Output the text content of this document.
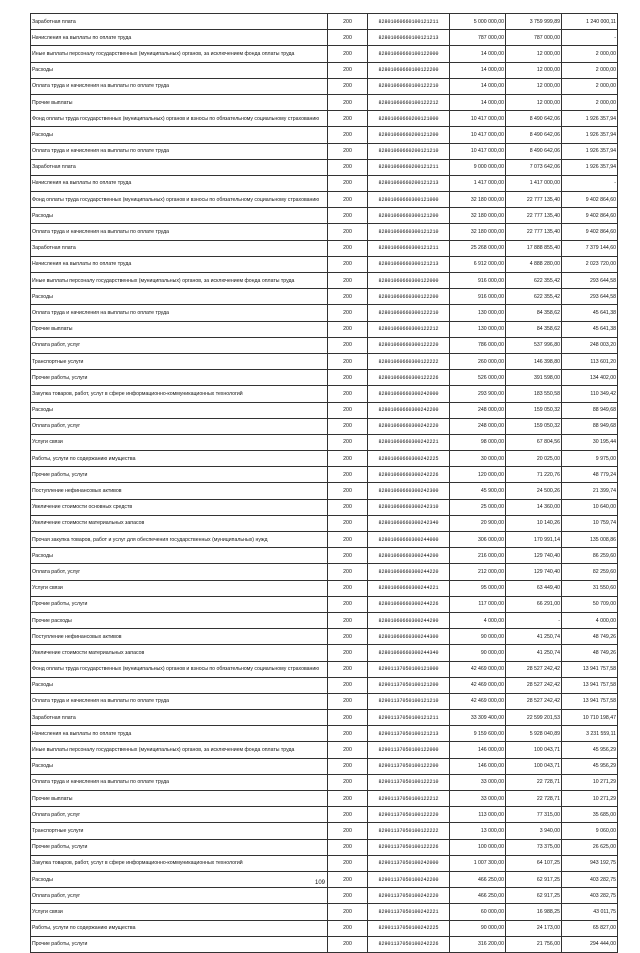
Заработная плата	200	82801060660100121211	5 000 000,00	3 759 999,89	1 240 000,11
Начисления на выплаты по оплате труда	200	82801060660100121213	787 000,00	787 000,00	-
Иные выплаты персоналу государственных (муниципальных) органов, за исключением фонда оплаты труда	200	82801060660100122000	14 000,00	12 000,00	2 000,00
Расходы	200	82801060660100122200	14 000,00	12 000,00	2 000,00
Оплата труда и начисления на выплаты по оплате труда	200	82801060660100122210	14 000,00	12 000,00	2 000,00
Прочие выплаты	200	82801060660100122212	14 000,00	12 000,00	2 000,00
Фонд оплаты труда государственных (муниципальных) органов и взносы по обязательному социальному страхованию	200	82801060660200121000	10 417 000,00	8 490 642,06	1 926 357,94
Расходы	200	82801060660200121200	10 417 000,00	8 490 642,06	1 926 357,94
Оплата труда и начисления на выплаты по оплате труда	200	82801060660200121210	10 417 000,00	8 490 642,06	1 926 357,94
Заработная плата	200	82801060660200121211	9 000 000,00	7 073 642,06	1 926 357,94
Начисления на выплаты по оплате труда	200	82801060660200121213	1 417 000,00	1 417 000,00	-
Фонд оплаты труда государственных (муниципальных) органов и взносы по обязательному социальному страхованию	200	82801060660300121000	32 180 000,00	22 777 135,40	9 402 864,60
Расходы	200	82801060660300121200	32 180 000,00	22 777 135,40	9 402 864,60
Оплата труда и начисления на выплаты по оплате труда	200	82801060660300121210	32 180 000,00	22 777 135,40	9 402 864,60
Заработная плата	200	82801060660300121211	25 268 000,00	17 888 855,40	7 379 144,60
Начисления на выплаты по оплате труда	200	82801060660300121213	6 912 000,00	4 888 280,00	2 023 720,00
Иные выплаты персоналу государственных (муниципальных) органов, за исключением фонда оплаты труда	200	82801060660300122000	916 000,00	622 355,42	293 644,58
Расходы	200	82801060660300122200	916 000,00	622 355,42	293 644,58
Оплата труда и начисления на выплаты по оплате труда	200	82801060660300122210	130 000,00	84 358,62	45 641,38
Прочие выплаты	200	82801060660300122212	130 000,00	84 358,62	45 641,38
Оплата работ, услуг	200	82801060660300122220	786 000,00	537 996,80	248 003,20
Транспортные услуги	200	82801060660300122222	260 000,00	146 398,80	113 601,20
Прочие работы, услуги	200	82801060660300122226	526 000,00	391 598,00	134 402,00
Закупка товаров, работ, услуг в сфере информационно-коммуникационных технологий	200	82801060660300242000	293 900,00	183 550,58	110 349,42
Расходы	200	82801060660300242200	248 000,00	159 050,32	88 949,68
Оплата работ, услуг	200	82801060660300242220	248 000,00	159 050,32	88 949,68
Услуги связи	200	82801060660300242221	98 000,00	67 804,56	30 195,44
Работы, услуги по содержанию имущества	200	82801060660300242225	30 000,00	20 025,00	9 975,00
Прочие работы, услуги	200	82801060660300242226	120 000,00	71 220,76	48 779,24
Поступление нефинансовых активов	200	82801060660300242300	45 900,00	24 500,26	21 399,74
Увеличение стоимости основных средств	200	82801060660300242310	25 000,00	14 360,00	10 640,00
Увеличение стоимости материальных запасов	200	82801060660300242340	20 900,00	10 140,26	10 759,74
Прочая закупка товаров, работ и услуг для обеспечения государственных (муниципальных) нужд	200	82801060660300244000	306 000,00	170 991,14	135 008,86
Расходы	200	82801060660300244200	216 000,00	129 740,40	86 259,60
Оплата работ, услуг	200	82801060660300244220	212 000,00	129 740,40	82 259,60
Услуги связи	200	82801060660300244221	95 000,00	63 449,40	31 550,60
Прочие работы, услуги	200	82801060660300244226	117 000,00	66 291,00	50 709,00
Прочие расходы	200	82801060660300244290	4 000,00	-	4 000,00
Поступление нефинансовых активов	200	82801060660300244300	90 000,00	41 250,74	48 749,26
Увеличение стоимости материальных запасов	200	82801060660300244340	90 000,00	41 250,74	48 749,26
Фонд оплаты труда государственных (муниципальных) органов и взносы по обязательному социальному страхованию	200	82901137050100121000	42 469 000,00	28 527 242,42	13 941 757,58
Расходы	200	82901137050100121200	42 469 000,00	28 527 242,42	13 941 757,58
Оплата труда и начисления на выплаты по оплате труда	200	82901137050100121210	42 469 000,00	28 527 242,42	13 941 757,58
Заработная плата	200	82901137050100121211	33 309 400,00	22 599 201,53	10 710 198,47
Начисления на выплаты по оплате труда	200	82901137050100121213	9 159 600,00	5 928 040,89	3 231 559,11
Иные выплаты персоналу государственных (муниципальных) органов, за исключением фонда оплаты труда	200	82901137050100122000	146 000,00	100 043,71	45 956,29
Расходы	200	82901137050100122200	146 000,00	100 043,71	45 956,29
Оплата труда и начисления на выплаты по оплате труда	200	82901137050100122210	33 000,00	22 728,71	10 271,29
Прочие выплаты	200	82901137050100122212	33 000,00	22 728,71	10 271,29
Оплата работ, услуг	200	82901137050100122220	113 000,00	77 315,00	35 685,00
Транспортные услуги	200	82901137050100122222	13 000,00	3 940,00	9 060,00
Прочие работы, услуги	200	82901137050100122226	100 000,00	73 375,00	26 625,00
Закупка товаров, работ, услуг в сфере информационно-коммуникационных технологий	200	82901137050100242000	1 007 300,00	64 107,25	943 192,75
Расходы	200	82901137050100242200	466 250,00	62 917,25	403 282,75
Оплата работ, услуг	200	82901137050100242220	466 250,00	62 917,25	403 282,75
Услуги связи	200	82901137050100242221	60 000,00	16 988,25	43 011,75
Работы, услуги по содержанию имущества	200	82901137050100242225	90 000,00	24 173,00	65 827,00
Прочие работы, услуги	200	82901137050100242226	316 200,00	21 756,00	294 444,00
109
